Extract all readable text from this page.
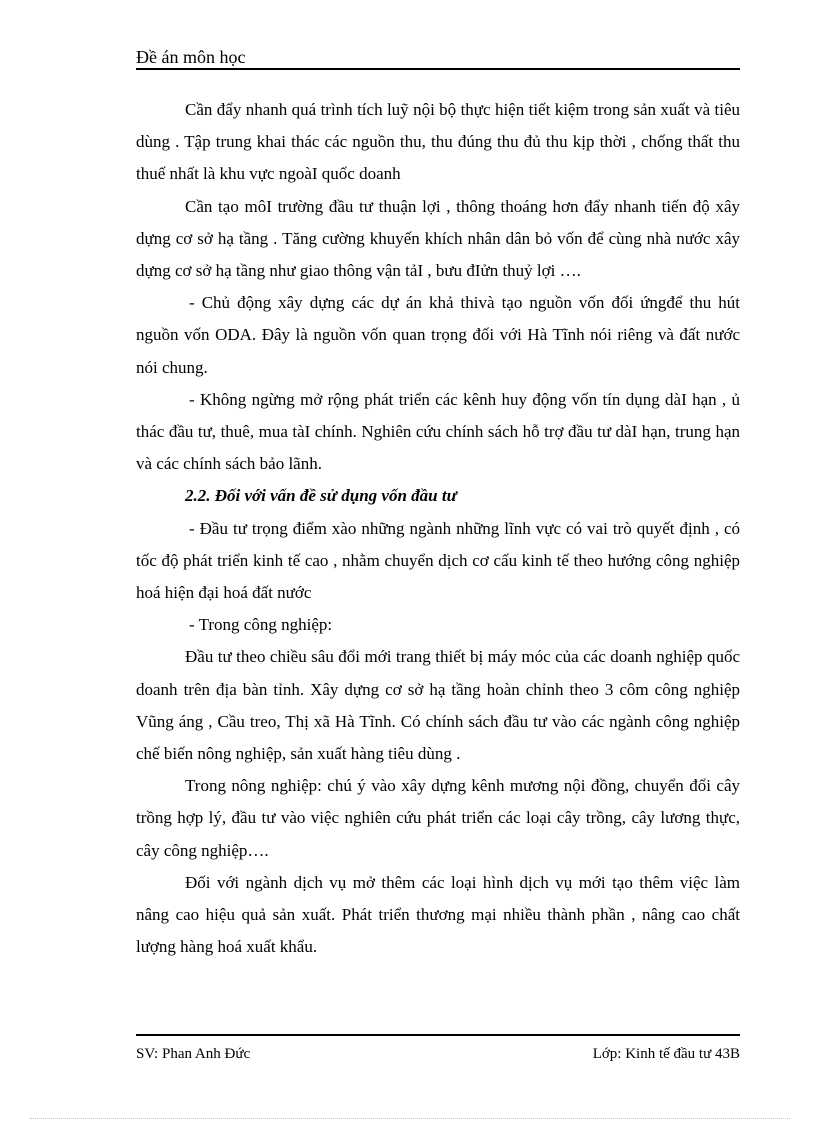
Đề án môn học

Cần đẩy nhanh quá trình tích luỹ nội bộ thực hiện tiết kiệm trong sản xuất và tiêu dùng . Tập trung khai thác các nguồn thu, thu đúng thu đủ thu kịp thời , chống thất thu thuế nhất là khu vực ngoàI quốc doanh

Cần tạo môI trường đầu tư thuận lợi , thông thoáng hơn đẩy nhanh tiến độ xây dựng cơ sở hạ tầng . Tăng cường khuyến khích nhân dân bỏ vốn để cùng nhà nước xây dựng cơ sở hạ tầng như giao thông vận tảI , bưu đIửn thuỷ lợi ….

- Chủ động xây dựng các dự án khả thivà tạo nguồn vốn đối ứngđể thu hút nguồn vốn ODA. Đây là nguồn vốn quan trọng đối với Hà Tĩnh nói riêng và đất nước nói chung.

- Không ngừng mở rộng phát triển các kênh huy động vốn tín dụng dàI hạn , ủ thác đầu tư, thuê, mua tàI chính. Nghiên cứu chính sách hỗ trợ đầu tư dàI hạn, trung hạn và các chính sách bảo lãnh.

2.2. Đối với vấn đề sử dụng vốn đầu tư

- Đầu tư trọng điểm xào những ngành những lĩnh vực có vai trò quyết định , có tốc độ phát triển kinh tế cao , nhằm chuyển dịch cơ cấu kinh tế theo hướng công nghiệp hoá hiện đại hoá đất nước

- Trong công nghiệp:

Đầu tư theo chiều sâu đổi mới trang thiết bị máy móc của các doanh nghiệp quốc doanh trên địa bàn tỉnh. Xây dựng cơ sở hạ tầng hoàn chỉnh theo 3 côm công nghiệp Vũng áng , Cầu treo, Thị xã Hà Tĩnh. Có chính sách đầu tư vào các ngành công nghiệp chế biến nông nghiệp, sản xuất hàng tiêu dùng .

Trong nông nghiệp: chú ý vào xây dựng kênh mương nội đồng, chuyển đổi cây trồng hợp lý, đầu tư vào việc nghiên cứu phát triển các loại cây trồng, cây lương thực, cây công nghiệp….

Đối với ngành dịch vụ mở thêm các loại hình dịch vụ mới tạo thêm việc làm nâng cao hiệu quả sản xuất. Phát triển thương mại nhiều thành phần , nâng cao chất lượng hàng hoá xuất khẩu.

SV: Phan Anh Đức	Lớp: Kinh tế đầu tư 43B
